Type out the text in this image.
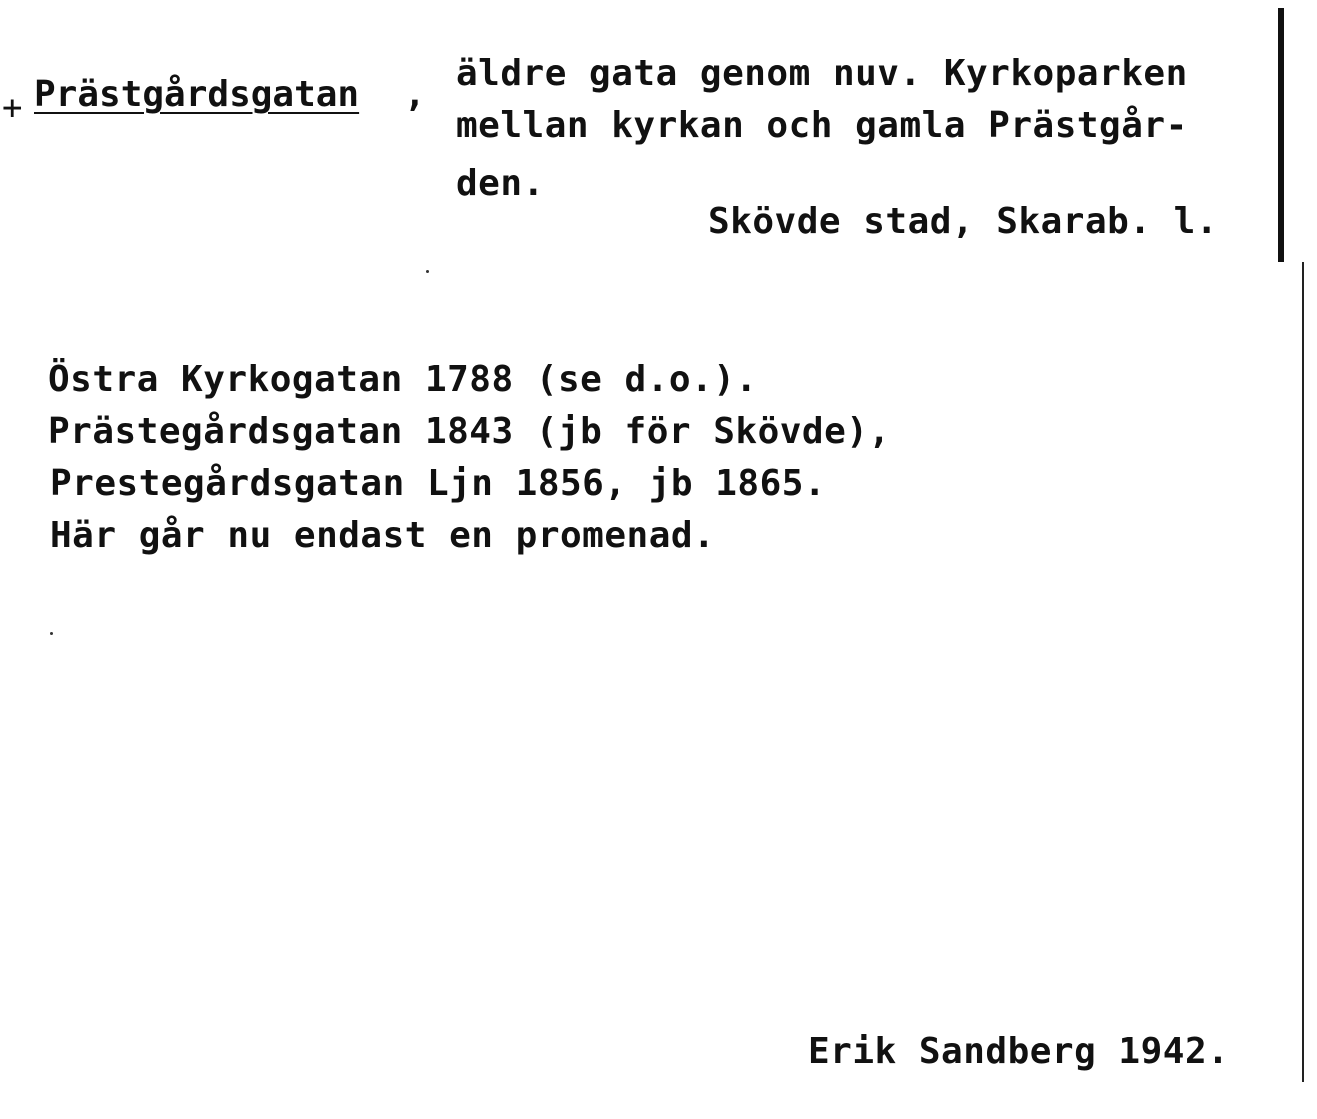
+ Prästgårdsgatan ,
äldre gata genom nuv. Kyrkoparken
mellan kyrkan och gamla Prästgår-
den.
Skövde stad, Skarab. l.
Östra Kyrkogatan 1788 (se d.o.).
Prästegårdsgatan 1843 (jb för Skövde),
Prestegårdsgatan Ljn 1856, jb 1865.
Här går nu endast en promenad.
Erik Sandberg 1942.
